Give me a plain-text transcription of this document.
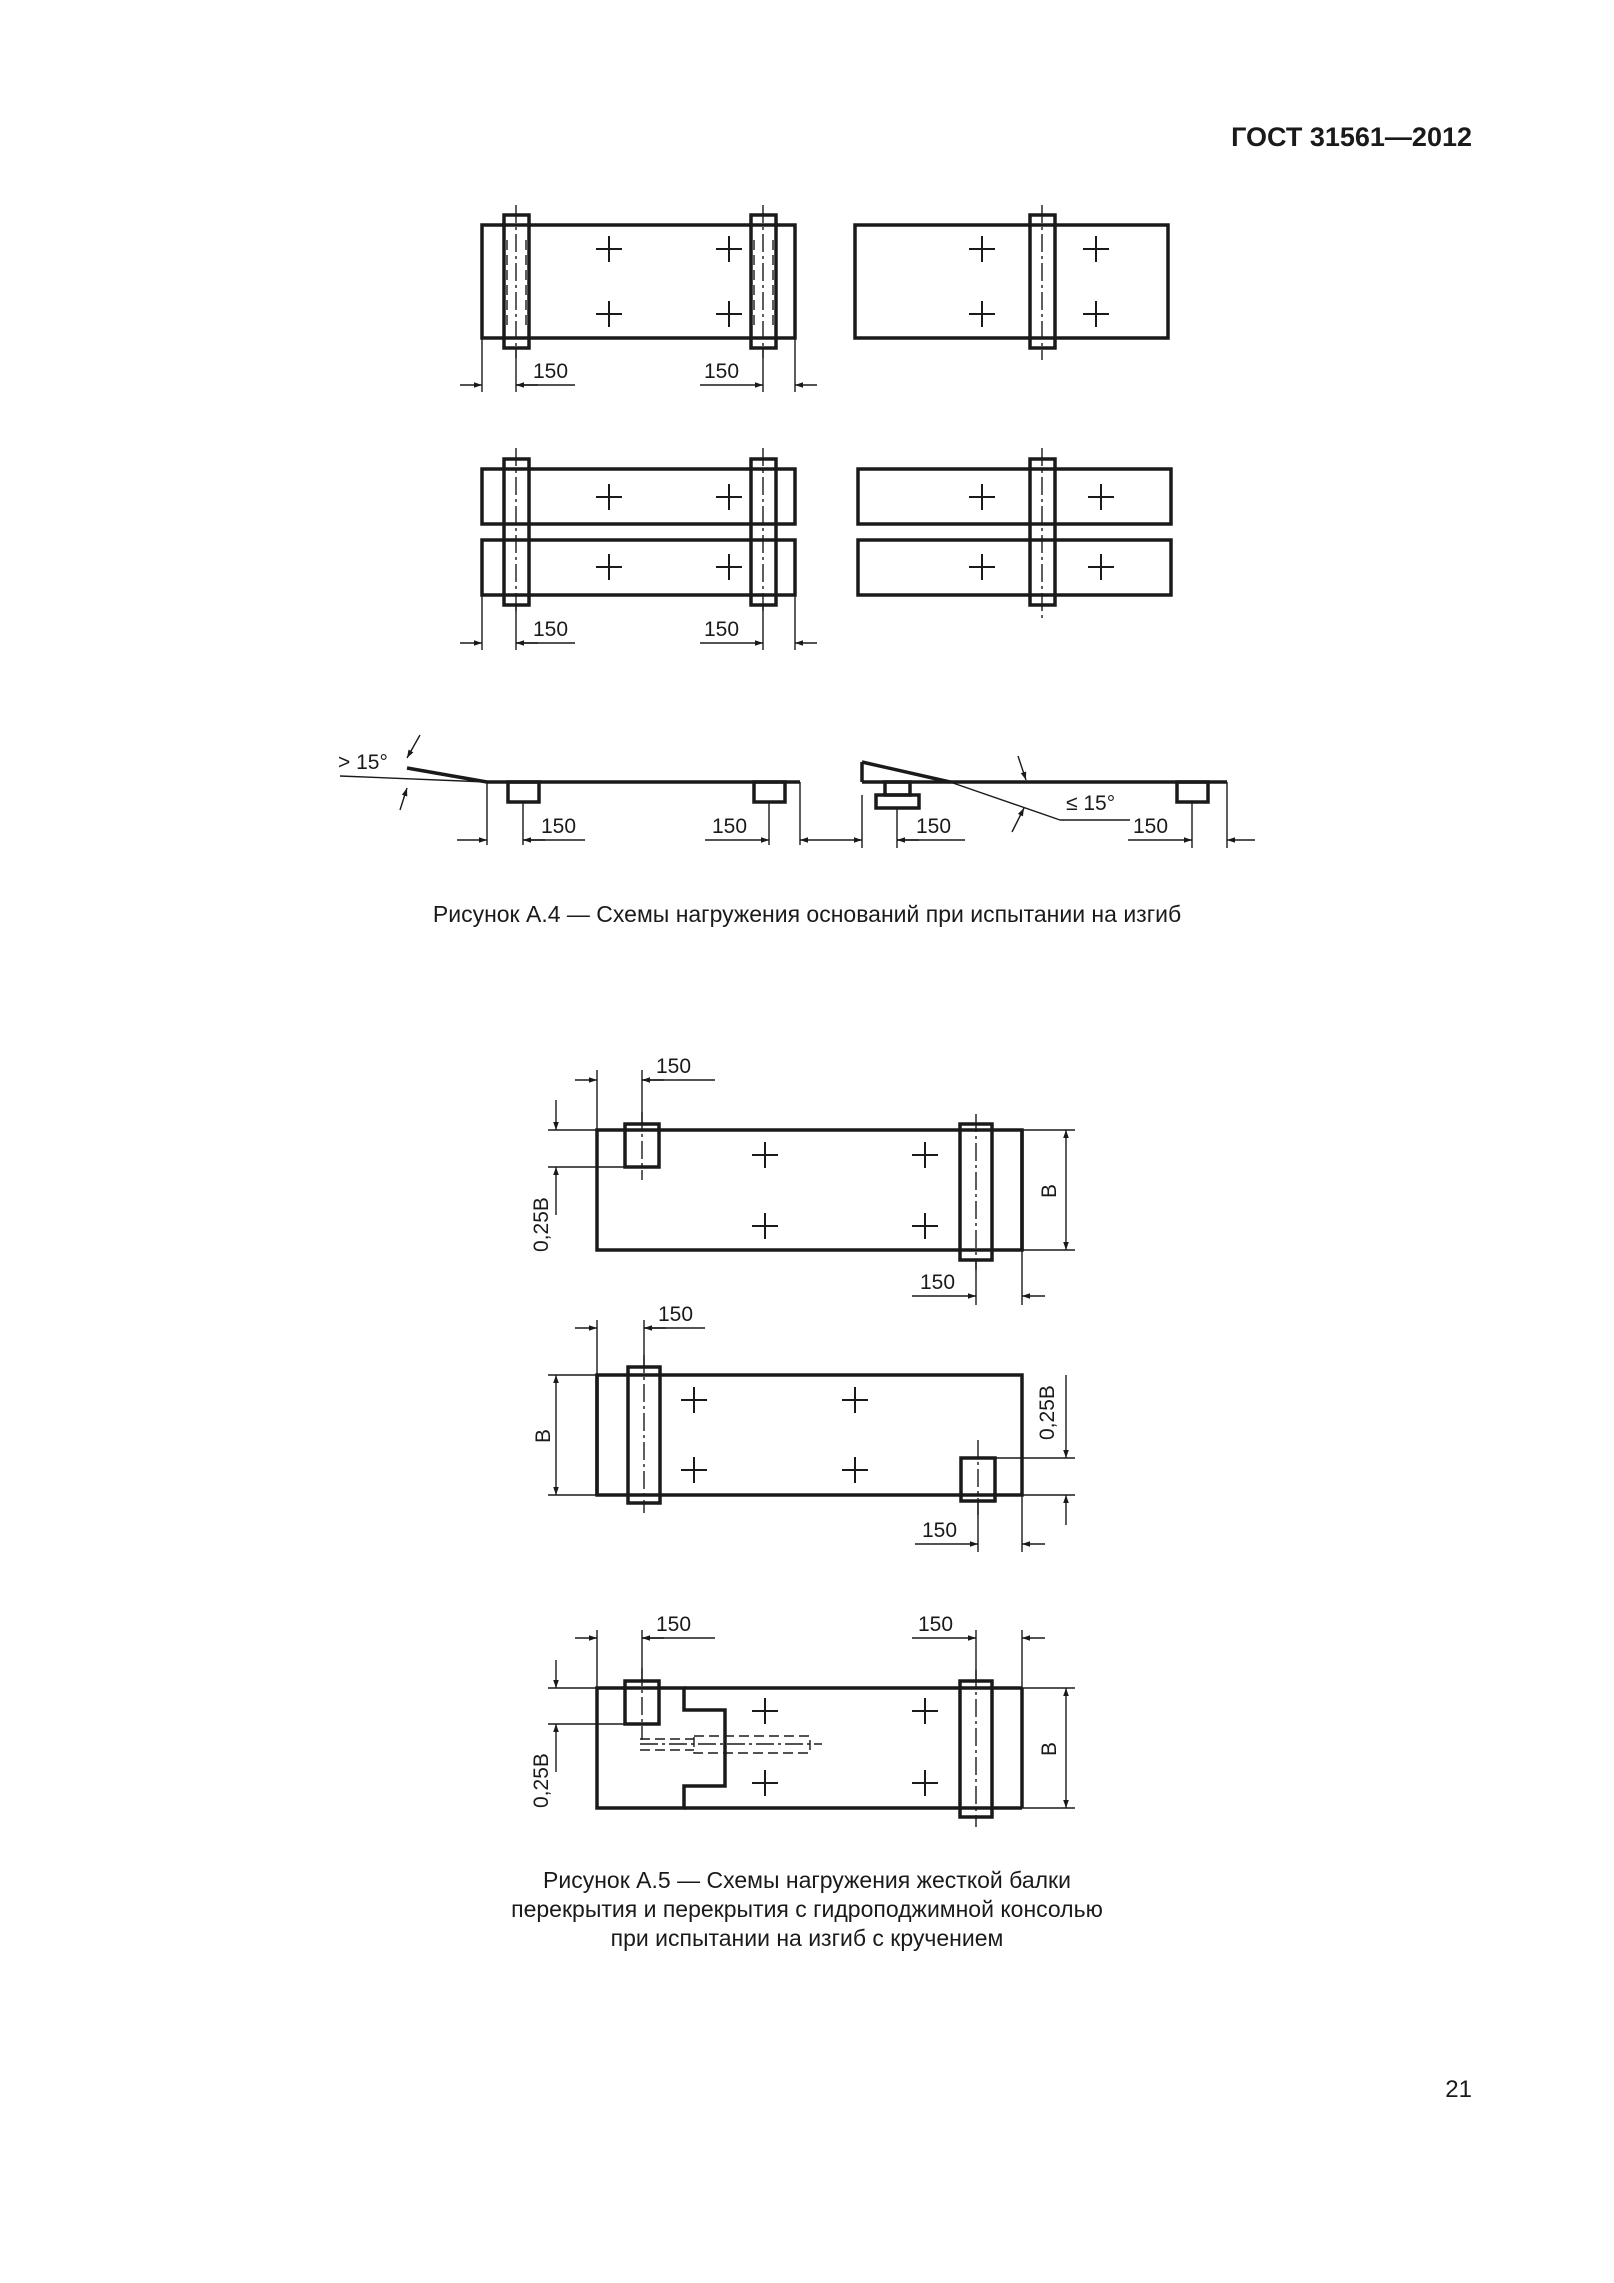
ГОСТ 31561—2012
150	150
150	150
> 15°
150	150
≤ 15°
150	150
150
0,25B
B
150
150
B	0,25B
150
150	150
0,25B
B
Рисунок А.4 — Схемы нагружения оснований при испытании на изгиб
Рисунок А.5 — Схемы нагружения жесткой балки
перекрытия и перекрытия с гидроподжимной консолью
при испытании на изгиб с кручением
21
